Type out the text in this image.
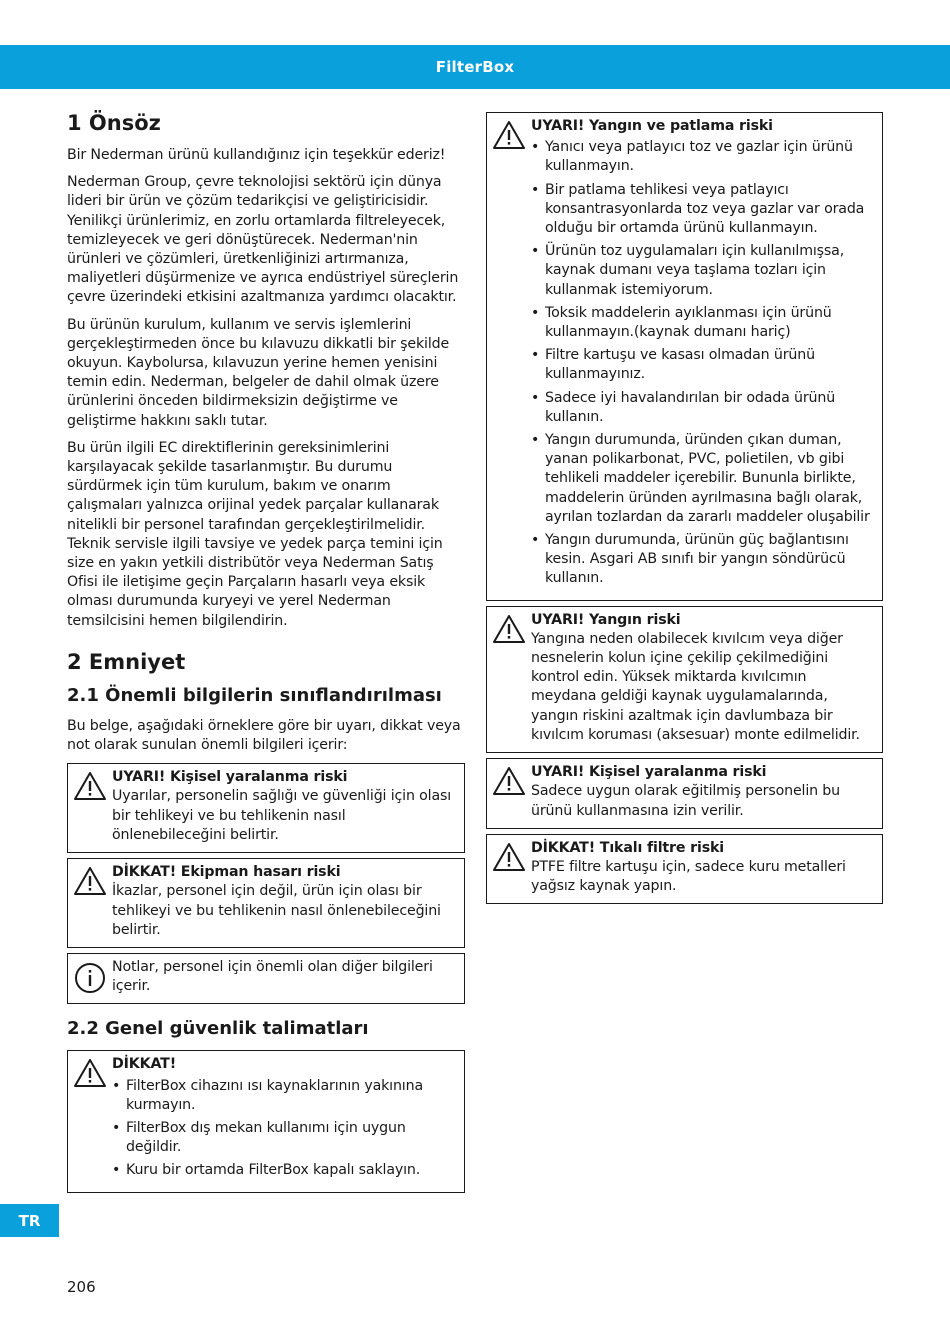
FilterBox
1 Önsöz

Bir Nederman ürünü kullandığınız için teşekkür ederiz!

Nederman Group, çevre teknolojisi sektörü için dünya lideri bir ürün ve çözüm tedarikçisi ve geliştiricisidir. Yenilikçi ürünlerimiz, en zorlu ortamlarda filtreleyecek, temizleyecek ve geri dönüştürecek. Nederman'nin ürünleri ve çözümleri, üretkenliğinizi artırmanıza, maliyetleri düşürmenize ve ayrıca endüstriyel süreçlerin çevre üzerindeki etkisini azaltmanıza yardımcı olacaktır.

Bu ürünün kurulum, kullanım ve servis işlemlerini gerçekleştirmeden önce bu kılavuzu dikkatli bir şekilde okuyun. Kaybolursa, kılavuzun yerine hemen yenisini temin edin. Nederman, belgeler de dahil olmak üzere ürünlerini önceden bildirmeksizin değiştirme ve geliştirme hakkını saklı tutar.

Bu ürün ilgili EC direktiflerinin gereksinimlerini karşılayacak şekilde tasarlanmıştır. Bu durumu sürdürmek için tüm kurulum, bakım ve onarım çalışmaları yalnızca orijinal yedek parçalar kullanarak nitelikli bir personel tarafından gerçekleştirilmelidir. Teknik servisle ilgili tavsiye ve yedek parça temini için size en yakın yetkili distribütör veya Nederman Satış Ofisi ile iletişime geçin Parçaların hasarlı veya eksik olması durumunda kuryeyi ve yerel Nederman temsilcisini hemen bilgilendirin.

2 Emniyet
2.1 Önemli bilgilerin sınıflandırılması

Bu belge, aşağıdaki örneklere göre bir uyarı, dikkat veya not olarak sunulan önemli bilgileri içerir:

UYARI! Kişisel yaralanma riski
Uyarılar, personelin sağlığı ve güvenliği için olası bir tehlikeyi ve bu tehlikenin nasıl önlenebileceğini belirtir.
DİKKAT! Ekipman hasarı riski
İkazlar, personel için değil, ürün için olası bir tehlikeyi ve bu tehlikenin nasıl önlenebileceğini belirtir.
Notlar, personel için önemli olan diğer bilgileri içerir.
2.2 Genel güvenlik talimatları
DİKKAT!
• FilterBox cihazını ısı kaynaklarının yakınına kurmayın.
• FilterBox dış mekan kullanımı için uygun değildir.
• Kuru bir ortamda FilterBox kapalı saklayın.
UYARI! Yangın ve patlama riski
• Yanıcı veya patlayıcı toz ve gazlar için ürünü kullanmayın.
• Bir patlama tehlikesi veya patlayıcı konsantrasyonlarda toz veya gazlar var orada olduğu bir ortamda ürünü kullanmayın.
• Ürünün toz uygulamaları için kullanılmışsa, kaynak dumanı veya taşlama tozları için kullanmak istemiyorum.
• Toksik maddelerin ayıklanması için ürünü kullanmayın.(kaynak dumanı hariç)
• Filtre kartuşu ve kasası olmadan ürünü kullanmayınız.
• Sadece iyi havalandırılan bir odada ürünü kullanın.
• Yangın durumunda, üründen çıkan duman, yanan polikarbonat, PVC, polietilen, vb gibi tehlikeli maddeler içerebilir. Bununla birlikte, maddelerin üründen ayrılmasına bağlı olarak, ayrılan tozlardan da zararlı maddeler oluşabilir
• Yangın durumunda, ürünün güç bağlantısını kesin. Asgari AB sınıfı bir yangın söndürücü kullanın.
UYARI! Yangın riski
Yangına neden olabilecek kıvılcım veya diğer nesnelerin kolun içine çekilip çekilmediğini kontrol edin. Yüksek miktarda kıvılcımın meydana geldiği kaynak uygulamalarında, yangın riskini azaltmak için davlumbaza bir kıvılcım koruması (aksesuar) monte edilmelidir.
UYARI! Kişisel yaralanma riski
Sadece uygun olarak eğitilmiş personelin bu ürünü kullanmasına izin verilir.
DİKKAT! Tıkalı filtre riski
PTFE filtre kartuşu için, sadece kuru metalleri yağsız kaynak yapın.
TR
206
